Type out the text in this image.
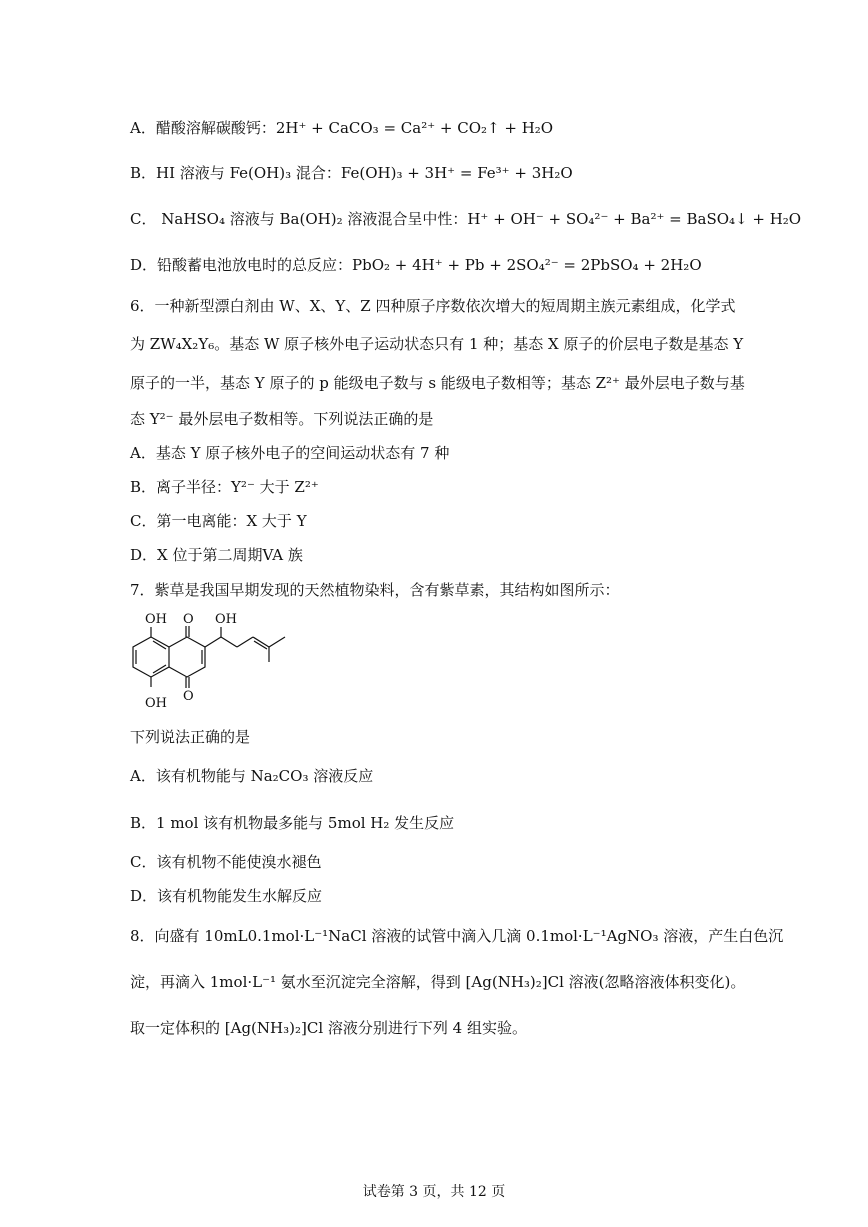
A．醋酸溶解碳酸钙：2H⁺ + CaCO₃ = Ca²⁺ + CO₂↑ + H₂O
B．HI 溶液与 Fe(OH)₃ 混合：Fe(OH)₃ + 3H⁺ = Fe³⁺ + 3H₂O
C． NaHSO₄ 溶液与 Ba(OH)₂ 溶液混合呈中性：H⁺ + OH⁻ + SO₄²⁻ + Ba²⁺ = BaSO₄↓ + H₂O
D．铅酸蓄电池放电时的总反应：PbO₂ + 4H⁺ + Pb + 2SO₄²⁻ = 2PbSO₄ + 2H₂O
6．一种新型漂白剂由 W、X、Y、Z 四种原子序数依次增大的短周期主族元素组成，化学式
为 ZW₄X₂Y₆。基态 W 原子核外电子运动状态只有 1 种；基态 X 原子的价层电子数是基态 Y
原子的一半，基态 Y 原子的 p 能级电子数与 s 能级电子数相等；基态 Z²⁺ 最外层电子数与基
态 Y²⁻ 最外层电子数相等。下列说法正确的是
A．基态 Y 原子核外电子的空间运动状态有 7 种
B．离子半径：Y²⁻ 大于 Z²⁺
C．第一电离能：X 大于 Y
D．X 位于第二周期VA 族
7．紫草是我国早期发现的天然植物染料，含有紫草素，其结构如图所示：
OH O OH
O
OH
下列说法正确的是
A．该有机物能与 Na₂CO₃ 溶液反应
B．1 mol 该有机物最多能与 5mol H₂ 发生反应
C．该有机物不能使溴水褪色
D．该有机物能发生水解反应
8．向盛有 10mL0.1mol·L⁻¹NaCl 溶液的试管中滴入几滴 0.1mol·L⁻¹AgNO₃ 溶液，产生白色沉
淀，再滴入 1mol·L⁻¹ 氨水至沉淀完全溶解，得到 [Ag(NH₃)₂]Cl 溶液(忽略溶液体积变化)。
取一定体积的 [Ag(NH₃)₂]Cl 溶液分别进行下列 4 组实验。
试卷第 3 页，共 12 页
